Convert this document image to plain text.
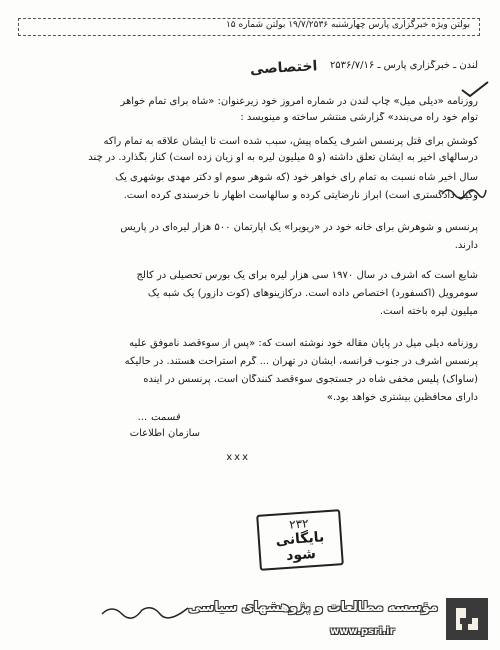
بولتن ویژه خبرگزاری پارس چهارشنبه ۱۹/۷/۲۵۳۶ بولتن شماره ۱۵
اختصاصی	لندن ـ خبرگزاری پارس ـ ۲۵۳۶/۷/۱۶
روزنامه «دیلی میل» چاپ لندن در شماره امروز خود زیرعنوان: «شاه برای تمام خواهر
توام خود راه می‌بندد» گزارشی منتشر ساخته و مینویسد :
کوشش برای قتل پرنسس اشرف یکماه پیش، سبب شده است تا ایشان علاقه به تمام راکه
درسالهای اخیر به ایشان تعلق داشته (و ۵ میلیون لیره به او زیان زده است) کنار بگذارد. در چند
سال اخیر شاه نسبت به تمام رای خواهر خود (که شوهر سوم او دکتر مهدی بوشهری یک
وکیل دادگستری است) ابراز نارضایتی کرده و سالهاست اظهار نا خرسندی کرده است.
پرنسس و شوهرش برای خانه خود در «ریویرا» یک آپارتمان ۵۰۰ هزار لیره‌ای در پاریس
دارند.
شایع است که اشرف در سال ۱۹۷۰ سی هزار لیره برای یک بورس تحصیلی در کالج
سومرویل (آکسفورد) اختصاص داده است. درکازینوهای (کوت دازور) یک شبه یک
میلیون لیره باخته است.
روزنامه دیلی میل در پایان مقاله خود نوشته است که: «پس از سوءقصد ناموفق علیه
پرنسس اشرف در جنوب فرانسه، ایشان در تهران ... گرم استراحت هستند. در حالیکه
(ساواک) پلیس مخفی شاه در جستجوی سوءقصد کنندگان است. پرنسس در آینده
دارای محافظین بیشتری خواهد بود.»
قسمت ...
سازمان اطلاعات
xxx
۲۳۲
بایگانی شود
مؤسسه مطالعات و پژوهشهای سیاسی
www.psri.ir
